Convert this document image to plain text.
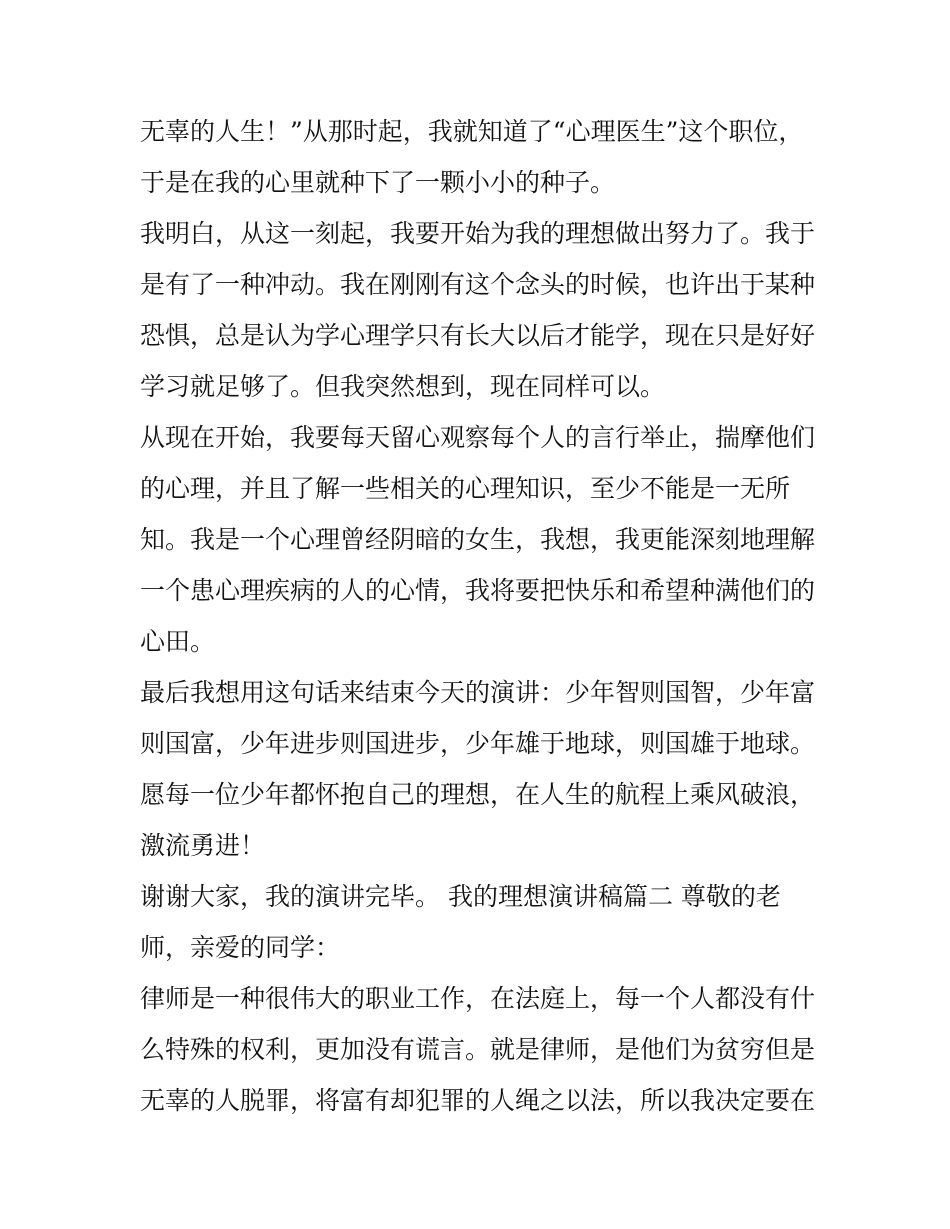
无辜的人生！”从那时起，我就知道了“心理医生”这个职位，
于是在我的心里就种下了一颗小小的种子。
我明白，从这一刻起，我要开始为我的理想做出努力了。我于
是有了一种冲动。我在刚刚有这个念头的时候，也许出于某种
恐惧，总是认为学心理学只有长大以后才能学，现在只是好好
学习就足够了。但我突然想到，现在同样可以。
从现在开始，我要每天留心观察每个人的言行举止，揣摩他们
的心理，并且了解一些相关的心理知识，至少不能是一无所
知。我是一个心理曾经阴暗的女生，我想，我更能深刻地理解
一个患心理疾病的人的心情，我将要把快乐和希望种满他们的
心田。
最后我想用这句话来结束今天的演讲：少年智则国智，少年富
则国富，少年进步则国进步，少年雄于地球，则国雄于地球。
愿每一位少年都怀抱自己的理想，在人生的航程上乘风破浪，
激流勇进！
谢谢大家，我的演讲完毕。 我的理想演讲稿篇二 尊敬的老
师，亲爱的同学：
律师是一种很伟大的职业工作，在法庭上，每一个人都没有什
么特殊的权利，更加没有谎言。就是律师，是他们为贫穷但是
无辜的人脱罪，将富有却犯罪的人绳之以法，所以我决定要在
